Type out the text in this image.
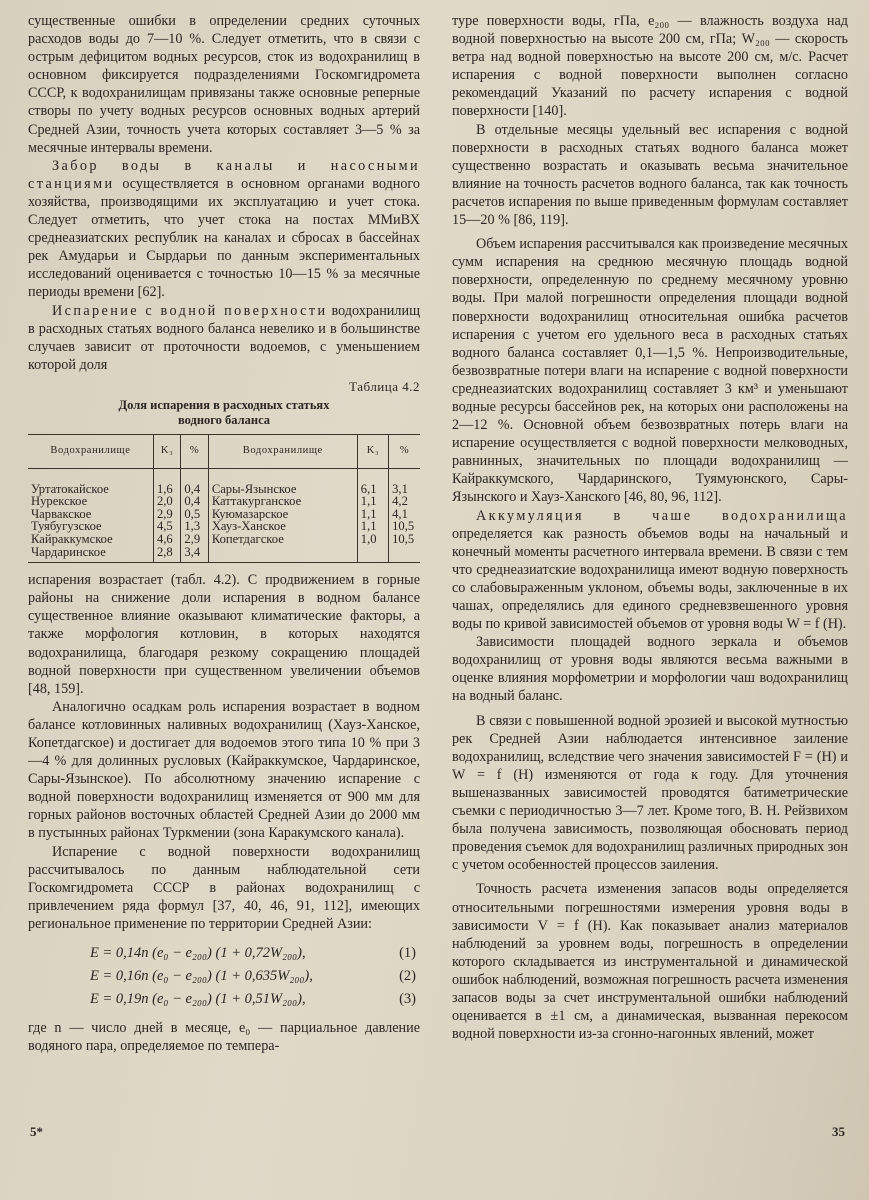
существенные ошибки в определении средних суточных расходов воды до 7—10 %. Следует отметить, что в связи с острым дефицитом водных ресурсов, сток из водохранилищ в основном фиксируется подразделениями Госкомгидромета СССР, к водохранилищам привязаны также основные реперные створы по учету водных ресурсов основных водных артерий Средней Азии, точность учета которых составляет 3—5 % за месячные интервалы времени.

Забор воды в каналы и насосными станциями осуществляется в основном органами водного хозяйства, производящими их эксплуатацию и учет стока. Следует отметить, что учет стока на постах ММиВХ среднеазиатских республик на каналах и сбросах в бассейнах рек Амударьи и Сырдарьи по данным экспериментальных исследований оценивается с точностью 10—15 % за месячные периоды времени [62].

Испарение с водной поверхности водохранилищ в расходных статьях водного баланса невелико и в большинстве случаев зависит от проточности водоемов, с уменьшением которой доля

Таблица 4.2
Доля испарения в расходных статьях
водного баланса
Водохранилище	K₃	%	Водохранилище	K₃	%
Уртатокайское	1,6	0,4	Сары-Язынское	6,1	3,1
Нурекское	2,0	0,4	Каттакурганское	1,1	4,2
Чарвакское	2,9	0,5	Куюмазарское	1,1	4,1
Туябугузское	4,5	1,3	Хауз-Ханское	1,1	10,5
Кайраккумское	4,6	2,9	Копетдагское	1,0	10,5
Чардаринское	2,8	3,4			

испарения возрастает (табл. 4.2). С продвижением в горные районы на снижение доли испарения в водном балансе существенное влияние оказывают климатические факторы, а также морфология котловин, в которых находятся водохранилища, благодаря резкому сокращению площадей водной поверхности при существенном увеличении объемов [48, 159].

Аналогично осадкам роль испарения возрастает в водном балансе котловинных наливных водохранилищ (Хауз-Ханское, Копетдагское) и достигает для водоемов этого типа 10 % при 3—4 % для долинных русловых (Кайраккумское, Чардаринское, Сары-Язынское). По абсолютному значению испарение с водной поверхности водохранилищ изменяется от 900 мм для горных районов восточных областей Средней Азии до 2000 мм в пустынных районах Туркмении (зона Каракумского канала).

Испарение с водной поверхности водохранилищ рассчитывалось по данным наблюдательной сети Госкомгидромета СССР в районах водохранилищ с привлечением ряда формул [37, 40, 46, 91, 112], имеющих региональное применение по территории Средней Азии:

E = 0,14n (e₀ − e₂₀₀) (1 + 0,72W₂₀₀),	(1)
E = 0,16n (e₀ − e₂₀₀) (1 + 0,635W₂₀₀),	(2)
E = 0,19n (e₀ − e₂₀₀) (1 + 0,51W₂₀₀),	(3)

где n — число дней в месяце, e₀ — парциальное давление водяного пара, определяемое по темпера-

туре поверхности воды, гПа, e₂₀₀ — влажность воздуха над водной поверхностью на высоте 200 см, гПа; W₂₀₀ — скорость ветра над водной поверхностью на высоте 200 см, м/с. Расчет испарения с водной поверхности выполнен согласно рекомендаций Указаний по расчету испарения с водной поверхности [140].

В отдельные месяцы удельный вес испарения с водной поверхности в расходных статьях водного баланса может существенно возрастать и оказывать весьма значительное влияние на точность расчетов водного баланса, так как точность расчетов испарения по выше приведенным формулам составляет 15—20 % [86, 119].

Объем испарения рассчитывался как произведение месячных сумм испарения на среднюю месячную площадь водной поверхности, определенную по среднему месячному уровню воды. При малой погрешности определения площади водной поверхности водохранилищ относительная ошибка расчетов испарения с учетом его удельного веса в расходных статьях водного баланса составляет 0,1—1,5 %. Непроизводительные, безвозвратные потери влаги на испарение с водной поверхности среднеазиатских водохранилищ составляет 3 км³ и уменьшают водные ресурсы бассейнов рек, на которых они расположены на 2—12 %. Основной объем безвозвратных потерь влаги на испарение осуществляется с водной поверхности мелководных, равнинных, значительных по площади водохранилищ — Кайраккумского, Чардаринского, Туямуюнского, Сары-Язынского и Хауз-Ханского [46, 80, 96, 112].

Аккумуляция в чаше водохранилища определяется как разность объемов воды на начальный и конечный моменты расчетного интервала времени. В связи с тем что среднеазиатские водохранилища имеют водную поверхность со слабовыраженным уклоном, объемы воды, заключенные в их чашах, определялись для единого средневзвешенного уровня воды по кривой зависимостей объемов от уровня воды W = f (H).

Зависимости площадей водного зеркала и объемов водохранилищ от уровня воды являются весьма важными в оценке влияния морфометрии и морфологии чаш водохранилищ на водный баланс.

В связи с повышенной водной эрозией и высокой мутностью рек Средней Азии наблюдается интенсивное заиление водохранилищ, вследствие чего значения зависимостей F = (H) и W = f (H) изменяются от года к году. Для уточнения вышеназванных зависимостей проводятся батиметрические съемки с периодичностью 3—7 лет. Кроме того, В. Н. Рейзвихом была получена зависимость, позволяющая обосновать период проведения съемок для водохранилищ различных природных зон с учетом особенностей процессов заиления.

Точность расчета изменения запасов воды определяется относительными погрешностями измерения уровня воды в зависимости V = f (H). Как показывает анализ материалов наблюдений за уровнем воды, погрешность в определении которого складывается из инструментальной и динамической ошибок наблюдений, возможная погрешность расчета изменения запасов воды за счет инструментальной ошибки наблюдений оценивается в ±1 см, а динамическая, вызванная перекосом водной поверхности из-за сгонно-нагонных явлений, может

5*	35
